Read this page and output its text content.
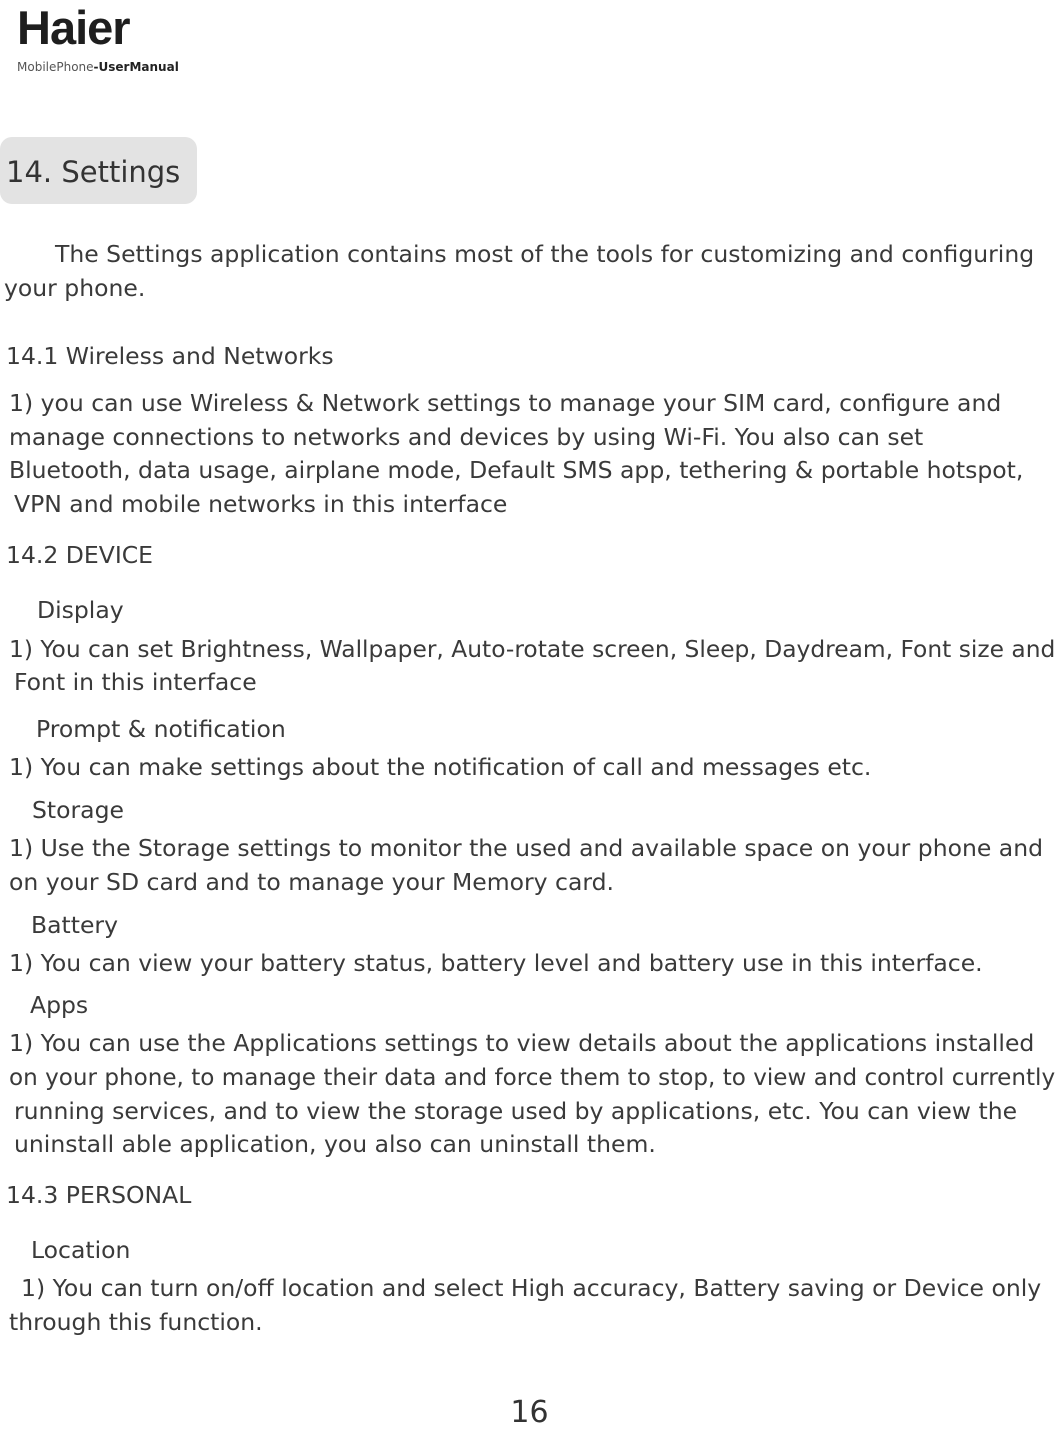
Haier
MobilePhone-UserManual
14. Settings
The Settings application contains most of the tools for customizing and configuring
your phone.
14.1 Wireless and Networks
1) you can use Wireless & Network settings to manage your SIM card, configure and
manage connections to networks and devices by using Wi-Fi. You also can set
Bluetooth, data usage, airplane mode, Default SMS app, tethering & portable hotspot,
VPN and mobile networks in this interface
14.2 DEVICE
Display
1) You can set Brightness, Wallpaper, Auto-rotate screen, Sleep, Daydream, Font size and
Font in this interface
Prompt & notification
1) You can make settings about the notification of call and messages etc.
Storage
1) Use the Storage settings to monitor the used and available space on your phone and
on your SD card and to manage your Memory card.
Battery
1) You can view your battery status, battery level and battery use in this interface.
Apps
1) You can use the Applications settings to view details about the applications installed
on your phone, to manage their data and force them to stop, to view and control currently
running services, and to view the storage used by applications, etc. You can view the
uninstall able application, you also can uninstall them.
14.3 PERSONAL
Location
1) You can turn on/off location and select High accuracy, Battery saving or Device only
through this function.
16
